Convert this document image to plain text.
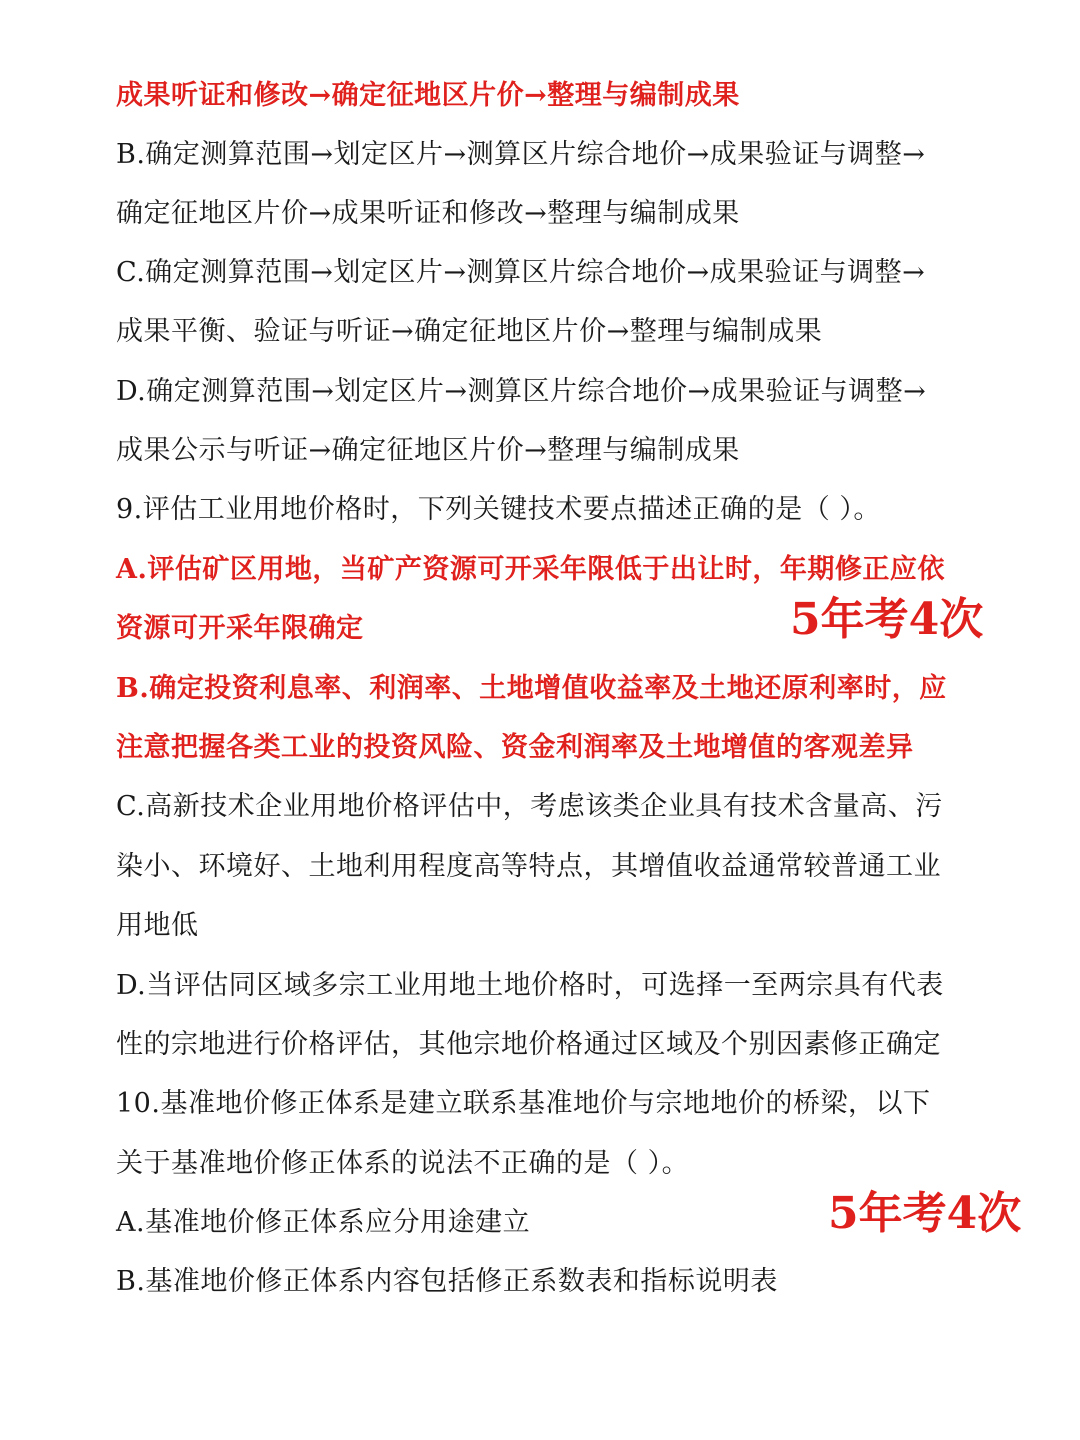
成果听证和修改→确定征地区片价→整理与编制成果
B.确定测算范围→划定区片→测算区片综合地价→成果验证与调整→
确定征地区片价→成果听证和修改→整理与编制成果
C.确定测算范围→划定区片→测算区片综合地价→成果验证与调整→
成果平衡、验证与听证→确定征地区片价→整理与编制成果
D.确定测算范围→划定区片→测算区片综合地价→成果验证与调整→
成果公示与听证→确定征地区片价→整理与编制成果
9.评估工业用地价格时，下列关键技术要点描述正确的是（ ）。
A.评估矿区用地，当矿产资源可开采年限低于出让时，年期修正应依
资源可开采年限确定
B.确定投资利息率、利润率、土地增值收益率及土地还原利率时，应
注意把握各类工业的投资风险、资金利润率及土地增值的客观差异
C.高新技术企业用地价格评估中，考虑该类企业具有技术含量高、污
染小、环境好、土地利用程度高等特点，其增值收益通常较普通工业
用地低
D.当评估同区域多宗工业用地土地价格时，可选择一至两宗具有代表
性的宗地进行价格评估，其他宗地价格通过区域及个别因素修正确定
10.基准地价修正体系是建立联系基准地价与宗地地价的桥梁，以下
关于基准地价修正体系的说法不正确的是（ ）。
A.基准地价修正体系应分用途建立
B.基准地价修正体系内容包括修正系数表和指标说明表
5年考4次
5年考4次
